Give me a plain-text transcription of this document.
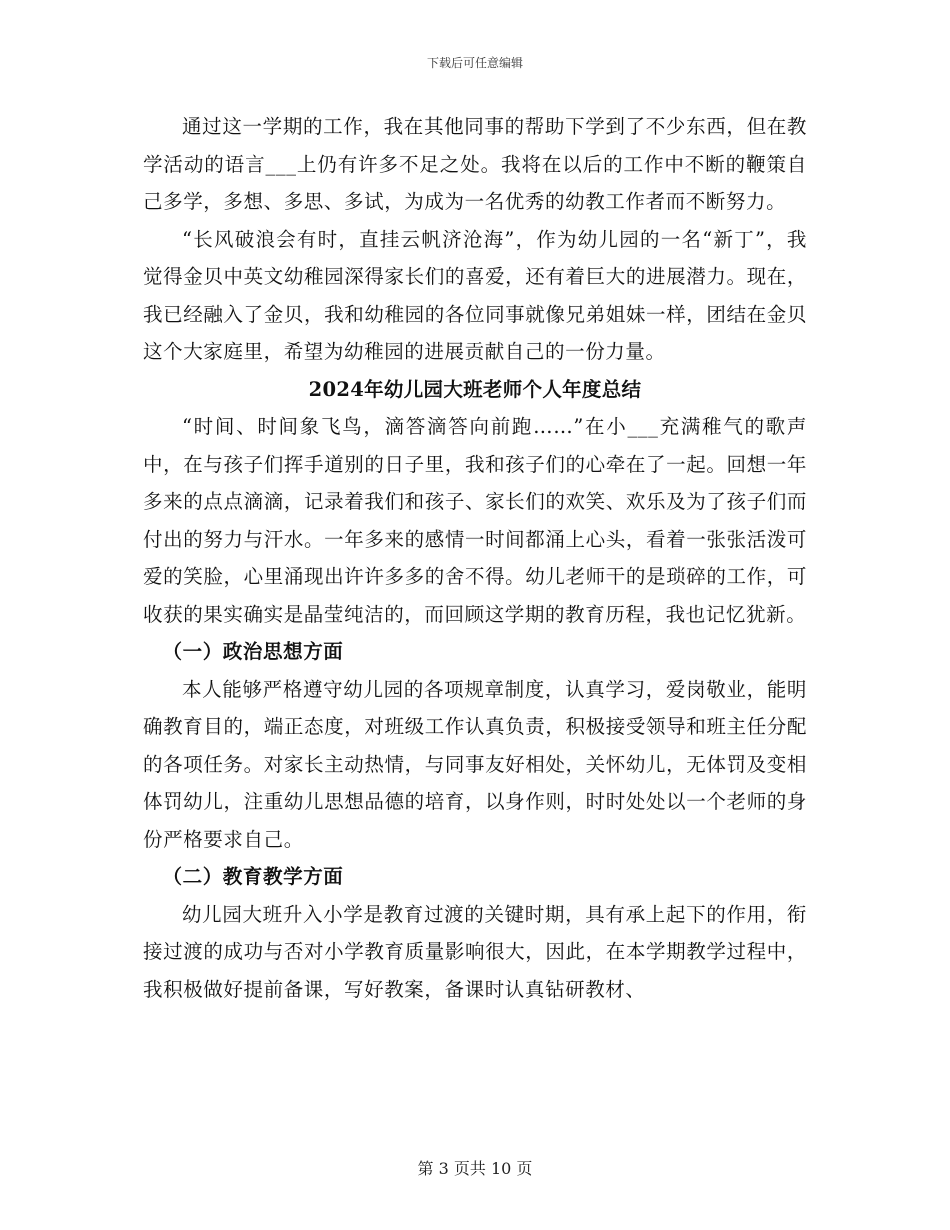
下载后可任意编辑

通过这一学期的工作，我在其他同事的帮助下学到了不少东西，但在教学活动的语言___上仍有许多不足之处。我将在以后的工作中不断的鞭策自己多学，多想、多思、多试，为成为一名优秀的幼教工作者而不断努力。

“长风破浪会有时，直挂云帆济沧海”，作为幼儿园的一名“新丁”，我觉得金贝中英文幼稚园深得家长们的喜爱，还有着巨大的进展潜力。现在，我已经融入了金贝，我和幼稚园的各位同事就像兄弟姐妹一样，团结在金贝这个大家庭里，希望为幼稚园的进展贡献自己的一份力量。

2024年幼儿园大班老师个人年度总结

“时间、时间象飞鸟，滴答滴答向前跑……”在小___充满稚气的歌声中，在与孩子们挥手道别的日子里，我和孩子们的心牵在了一起。回想一年多来的点点滴滴，记录着我们和孩子、家长们的欢笑、欢乐及为了孩子们而付出的努力与汗水。一年多来的感情一时间都涌上心头，看着一张张活泼可爱的笑脸，心里涌现出许许多多的舍不得。幼儿老师干的是琐碎的工作，可收获的果实确实是晶莹纯洁的，而回顾这学期的教育历程，我也记忆犹新。

（一）政治思想方面

本人能够严格遵守幼儿园的各项规章制度，认真学习，爱岗敬业，能明确教育目的，端正态度，对班级工作认真负责，积极接受领导和班主任分配的各项任务。对家长主动热情，与同事友好相处，关怀幼儿，无体罚及变相体罚幼儿，注重幼儿思想品德的培育，以身作则，时时处处以一个老师的身份严格要求自己。

（二）教育教学方面

幼儿园大班升入小学是教育过渡的关键时期，具有承上起下的作用，衔接过渡的成功与否对小学教育质量影响很大，因此，在本学期教学过程中，我积极做好提前备课，写好教案，备课时认真钻研教材、

第 3 页共 10 页
